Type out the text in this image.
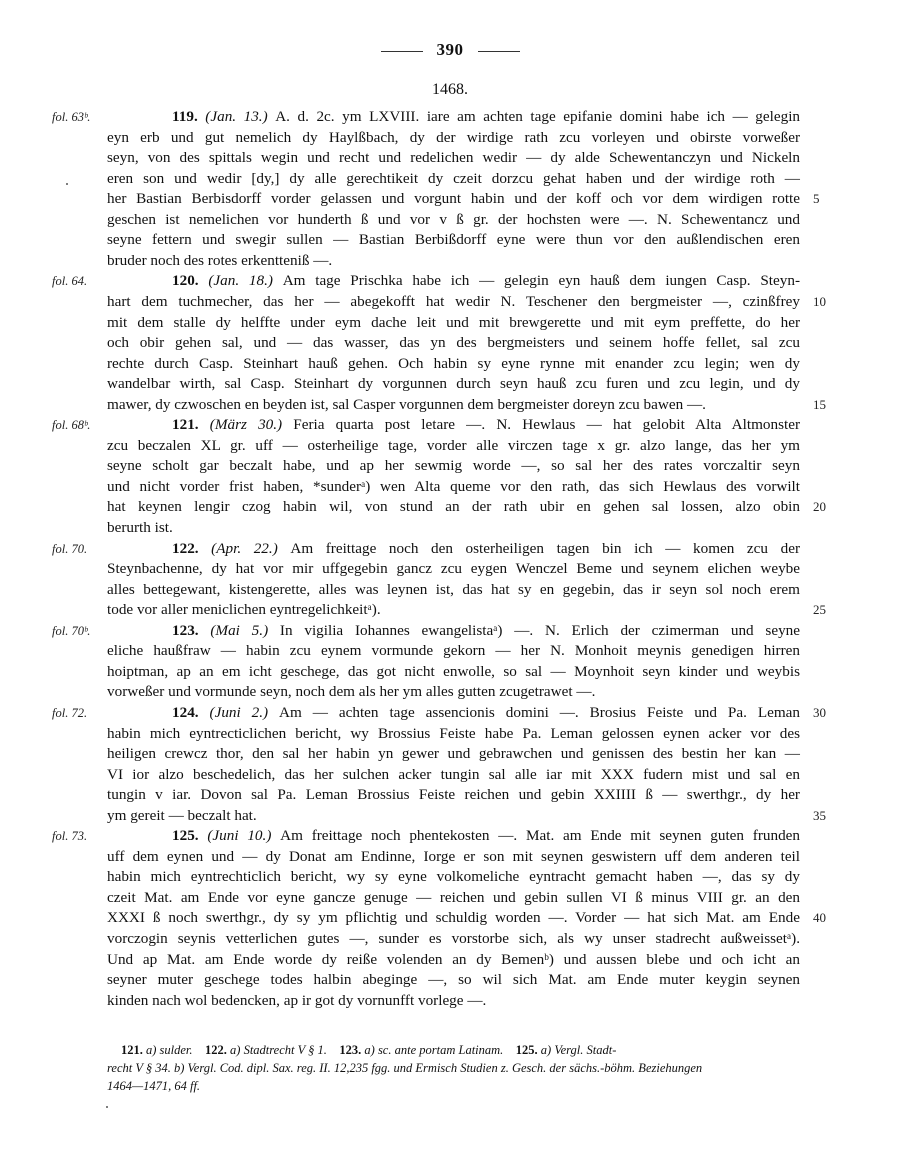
390
1468.
fol. 63ᵇ.	119. (Jan. 13.) A. d. 2c. ym LXVIII. iare am achten tage epifanie domini habe ich — gelegin
eyn erb und gut nemelich dy Haylßbach, dy der wirdige rath zcu vorleyen und obirste vorweßer
seyn, von des spittals wegin und recht und redelichen wedir — dy alde Schewentanczyn und Nickeln
eren son und wedir [dy,] dy alle gerechtikeit dy czeit dorzcu gehat haben und der wirdige roth —
her Bastian Berbisdorff vorder gelassen und vorgunt habin und der koff och vor dem wirdigen rotte 5
geschen ist nemelichen vor hunderth ß und vor v ß gr. der hochsten were —. N. Schewentancz und
seyne fettern und swegir sullen — Bastian Berbißdorff eyne were thun vor den außlendischen eren
bruder noch des rotes erkentteniß —.
fol. 64.	120. (Jan. 18.) Am tage Prischka habe ich — gelegin eyn hauß dem iungen Casp. Steyn-
hart dem tuchmecher, das her — abegekofft hat wedir N. Teschener den bergmeister —, czinßfrey 10
mit dem stalle dy helffte under eym dache leit und mit brewgerette und mit eym preffette, do her
och obir gehen sal, und — das wasser, das yn des bergmeisters und seinem hoffe fellet, sal zcu
rechte durch Casp. Steinhart hauß gehen. Och habin sy eyne rynne mit enander zcu legin; wen dy
wandelbar wirth, sal Casp. Steinhart dy vorgunnen durch seyn hauß zcu furen und zcu legin, und dy
mawer, dy czwoschen en beyden ist, sal Casper vorgunnen dem bergmeister doreyn zcu bawen —.	15
fol. 68ᵇ.	121. (März 30.) Feria quarta post letare —. N. Hewlaus — hat gelobit Alta Altmonster
zcu beczalen XL gr. uff — osterheilige tage, vorder alle virczen tage x gr. alzo lange, das her ym
seyne scholt gar beczalt habe, und ap her sewmig worde —, so sal her des rates vorczaltir seyn
und nicht vorder frist haben, *sunderᵃ) wen Alta queme vor den rath, das sich Hewlaus des vorwilt
hat keynen lengir czog habin wil, von stund an der rath ubir en gehen sal lossen, alzo obin 20
berurth ist.
fol. 70.	122. (Apr. 22.) Am freittage noch den osterheiligen tagen bin ich — komen zcu der
Steynbachenne, dy hat vor mir uffgegebin gancz zcu eygen Wenczel Beme und seynem elichen weybe
alles bettegewant, kistengerette, alles was leynen ist, das hat sy en gegebin, das ir seyn sol noch erem
tode vor aller meniclichen eyntregelichkeitᵃ).	25
fol. 70ᵇ.	123. (Mai 5.) In vigilia Iohannes ewangelistaᵃ) —. N. Erlich der czimerman und seyne
eliche haußfraw — habin zcu eynem vormunde gekorn — her N. Monhoit meynis genedigen hirren
hoiptman, ap an em icht geschege, das got nicht enwolle, so sal — Moynhoit seyn kinder und weybis
vorweßer und vormunde seyn, noch dem als her ym alles gutten zcugetrawet —.
fol. 72.	124. (Juni 2.) Am — achten tage assencionis domini —. Brosius Feiste und Pa. Leman 30
habin mich eyntrecticlichen bericht, wy Brossius Feiste habe Pa. Leman gelossen eynen acker vor des
heiligen crewcz thor, den sal her habin yn gewer und gebrawchen und genissen des bestin her kan —
VI ior alzo beschedelich, das her sulchen acker tungin sal alle iar mit XXX fudern mist und sal en
tungin v iar. Dovon sal Pa. Leman Brossius Feiste reichen und gebin XXIIII ß — swerthgr., dy her
ym gereit — beczalt hat.	35
fol. 73.	125. (Juni 10.) Am freittage noch phentekosten —. Mat. am Ende mit seynen guten frunden
uff dem eynen und — dy Donat am Endinne, Iorge er son mit seynen geswistern uff dem anderen teil
habin mich eyntrechticlich bericht, wy sy eyne volkomeliche eyntracht gemacht haben —, das sy dy
czeit Mat. am Ende vor eyne gancze genuge — reichen und gebin sullen VI ß minus VIII gr. an den
XXXI ß noch swerthgr., dy sy ym pflichtig und schuldig worden —. Vorder — hat sich Mat. am Ende 40
vorczogin seynis vetterlichen gutes —, sunder es vorstorbe sich, als wy unser stadrecht außweissetᵃ).
Und ap Mat. am Ende worde dy reiße volenden an dy Bemenᵇ) und aussen blebe und och icht an
seyner muter geschege todes halbin abeginge —, so wil sich Mat. am Ende muter keygin seynen
kinden nach wol bedencken, ap ir got dy vornunfft vorlege —.
121. a) sulder. 122. a) Stadtrecht V § 1. 123. a) sc. ante portam Latinam. 125. a) Vergl. Stadt-
recht V § 34. b) Vergl. Cod. dipl. Sax. reg. II. 12,235 fgg. und Ermisch Studien z. Gesch. der sächs.-böhm. Beziehungen
1464—1471, 64 ff.
